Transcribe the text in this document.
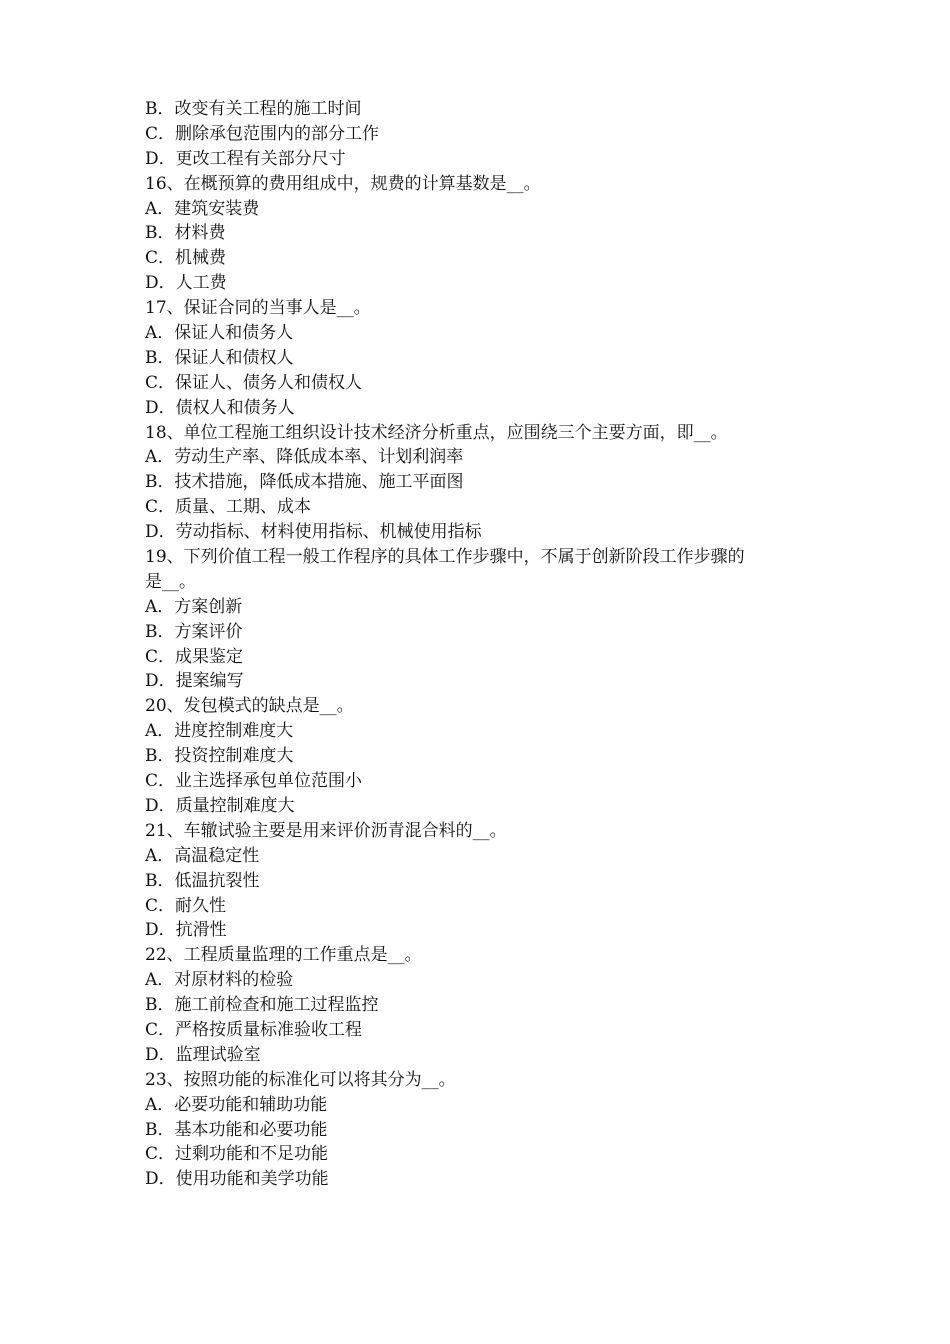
B．改变有关工程的施工时间
C．删除承包范围内的部分工作
D．更改工程有关部分尺寸
16、在概预算的费用组成中，规费的计算基数是__。
A．建筑安装费
B．材料费
C．机械费
D．人工费
17、保证合同的当事人是__。
A．保证人和债务人
B．保证人和债权人
C．保证人、债务人和债权人
D．债权人和债务人
18、单位工程施工组织设计技术经济分析重点，应围绕三个主要方面，即__。
A．劳动生产率、降低成本率、计划利润率
B．技术措施，降低成本措施、施工平面图
C．质量、工期、成本
D．劳动指标、材料使用指标、机械使用指标
19、下列价值工程一般工作程序的具体工作步骤中，不属于创新阶段工作步骤的
是__。
A．方案创新
B．方案评价
C．成果鉴定
D．提案编写
20、发包模式的缺点是__。
A．进度控制难度大
B．投资控制难度大
C．业主选择承包单位范围小
D．质量控制难度大
21、车辙试验主要是用来评价沥青混合料的__。
A．高温稳定性
B．低温抗裂性
C．耐久性
D．抗滑性
22、工程质量监理的工作重点是__。
A．对原材料的检验
B．施工前检查和施工过程监控
C．严格按质量标准验收工程
D．监理试验室
23、按照功能的标准化可以将其分为__。
A．必要功能和辅助功能
B．基本功能和必要功能
C．过剩功能和不足功能
D．使用功能和美学功能
